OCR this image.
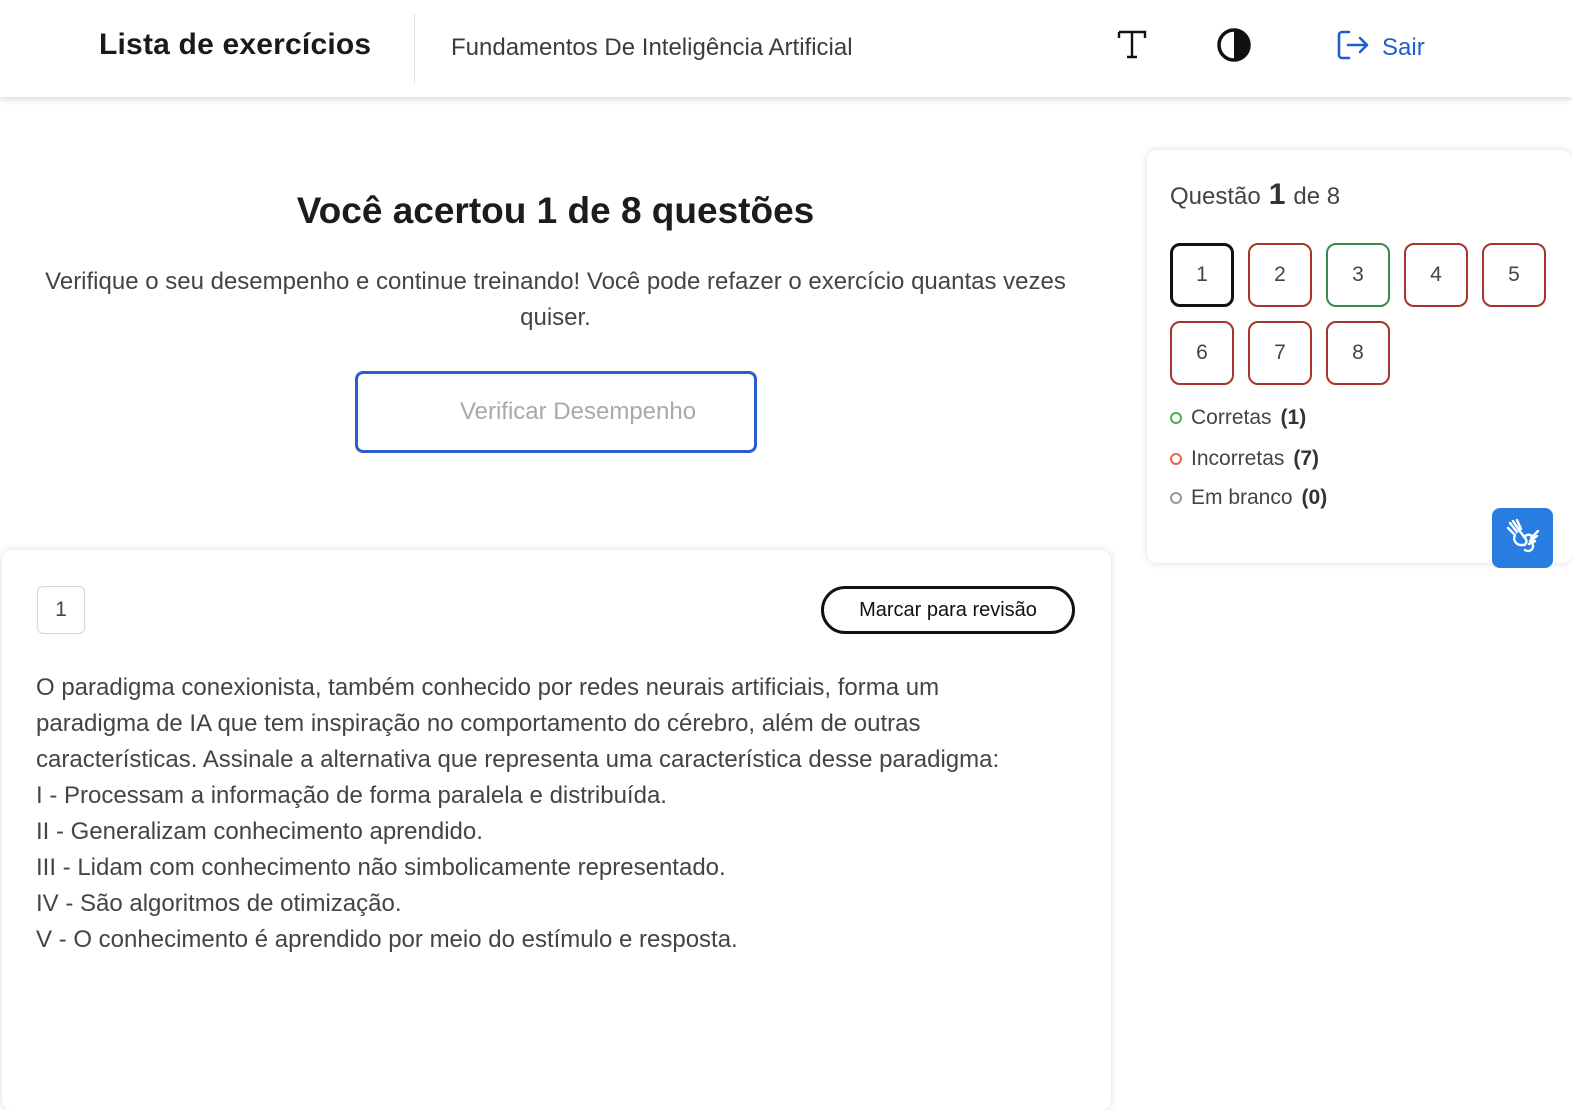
Lista de exercícios	Fundamentos De Inteligência Artificial	Sair
Você acertou 1 de 8 questões
Verifique o seu desempenho e continue treinando! Você pode refazer o exercício quantas vezes quiser.
Verificar Desempenho
1	Marcar para revisão
O paradigma conexionista, também conhecido por redes neurais artificiais, forma um
paradigma de IA que tem inspiração no comportamento do cérebro, além de outras
características. Assinale a alternativa que representa uma característica desse paradigma:
I - Processam a informação de forma paralela e distribuída.
II - Generalizam conhecimento aprendido.
III - Lidam com conhecimento não simbolicamente representado.
IV - São algoritmos de otimização.
V - O conhecimento é aprendido por meio do estímulo e resposta.
Questão 1 de 8
1	2	3	4	5
6	7	8
Corretas (1)
Incorretas (7)
Em branco (0)
